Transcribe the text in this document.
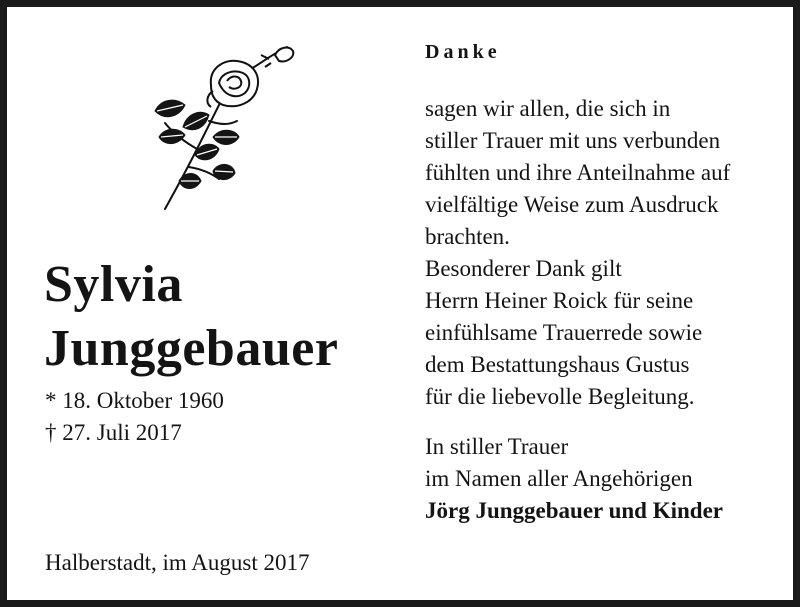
Sylvia
Junggebauer

* 18. Oktober 1960

† 27. Juli 2017

Halberstadt, im August 2017

Danke

sagen wir allen, die sich in
stiller Trauer mit uns verbunden
fühlten und ihre Anteilnahme auf
vielfältige Weise zum Ausdruck
brachten.
Besonderer Dank gilt
Herrn Heiner Roick für seine
einfühlsame Trauerrede sowie
dem Bestattungshaus Gustus
für die liebevolle Begleitung.

In stiller Trauer
im Namen aller Angehörigen
Jörg Junggebauer und Kinder
